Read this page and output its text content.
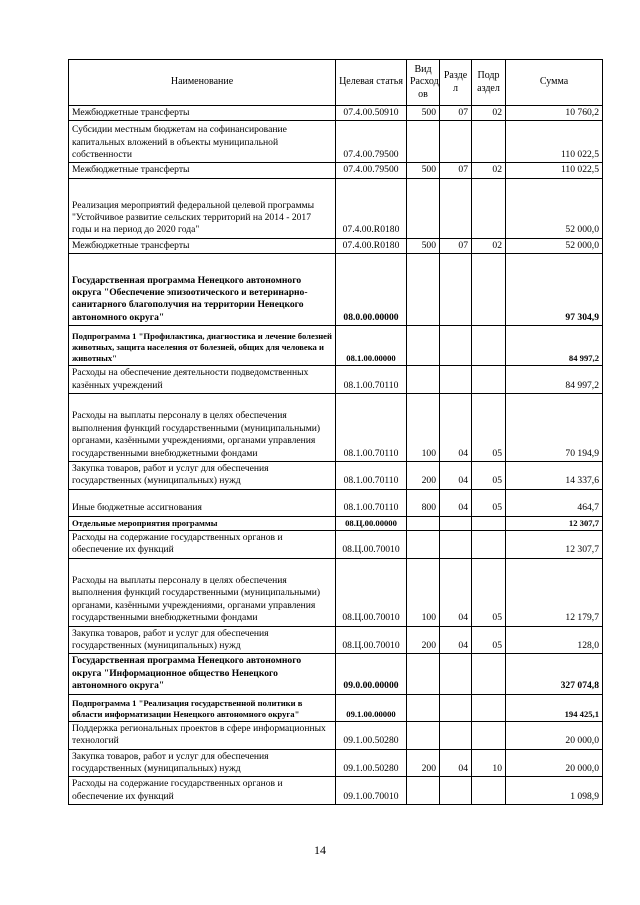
Наименование	Целевая статья	Вид Расход ов	Разде л	Подр аздел	Сумма
Межбюджетные трансферты	07.4.00.50910	500	07	02	10 760,2
Субсидии местным бюджетам на софинансирование капитальных вложений в объекты муниципальной собственности	07.4.00.79500				110 022,5
Межбюджетные трансферты	07.4.00.79500	500	07	02	110 022,5
Реализация мероприятий федеральной целевой программы "Устойчивое развитие сельских территорий на 2014 - 2017 годы и на период до 2020 года"	07.4.00.R0180				52 000,0
Межбюджетные трансферты	07.4.00.R0180	500	07	02	52 000,0
Государственная программа Ненецкого автономного округа "Обеспечение эпизоотического и ветеринарно-санитарного благополучия на территории Ненецкого автономного округа"	08.0.00.00000				97 304,9
Подпрограмма 1 "Профилактика, диагностика и лечение болезней животных, защита населения от болезней, общих для человека и животных"	08.1.00.00000				84 997,2
Расходы на обеспечение деятельности подведомственных казённых учреждений	08.1.00.70110				84 997,2
Расходы на выплаты персоналу в целях обеспечения выполнения функций государственными (муниципальными) органами, казёнными учреждениями, органами управления государственными внебюджетными фондами	08.1.00.70110	100	04	05	70 194,9
Закупка товаров, работ и услуг для обеспечения государственных (муниципальных) нужд	08.1.00.70110	200	04	05	14 337,6
Иные бюджетные ассигнования	08.1.00.70110	800	04	05	464,7
Отдельные мероприятия программы	08.Ц.00.00000				12 307,7
Расходы на содержание государственных органов и обеспечение их функций	08.Ц.00.70010				12 307,7
Расходы на выплаты персоналу в целях обеспечения выполнения функций государственными (муниципальными) органами, казёнными учреждениями, органами управления государственными внебюджетными фондами	08.Ц.00.70010	100	04	05	12 179,7
Закупка товаров, работ и услуг для обеспечения государственных (муниципальных) нужд	08.Ц.00.70010	200	04	05	128,0
Государственная программа Ненецкого автономного округа "Информационное общество Ненецкого автономного округа"	09.0.00.00000				327 074,8
Подпрограмма 1 "Реализация государственной политики в области информатизации Ненецкого автономного округа"	09.1.00.00000				194 425,1
Поддержка региональных проектов в сфере информационных технологий	09.1.00.50280				20 000,0
Закупка товаров, работ и услуг для обеспечения государственных (муниципальных) нужд	09.1.00.50280	200	04	10	20 000,0
Расходы на содержание государственных органов и обеспечение их функций	09.1.00.70010				1 098,9
14
